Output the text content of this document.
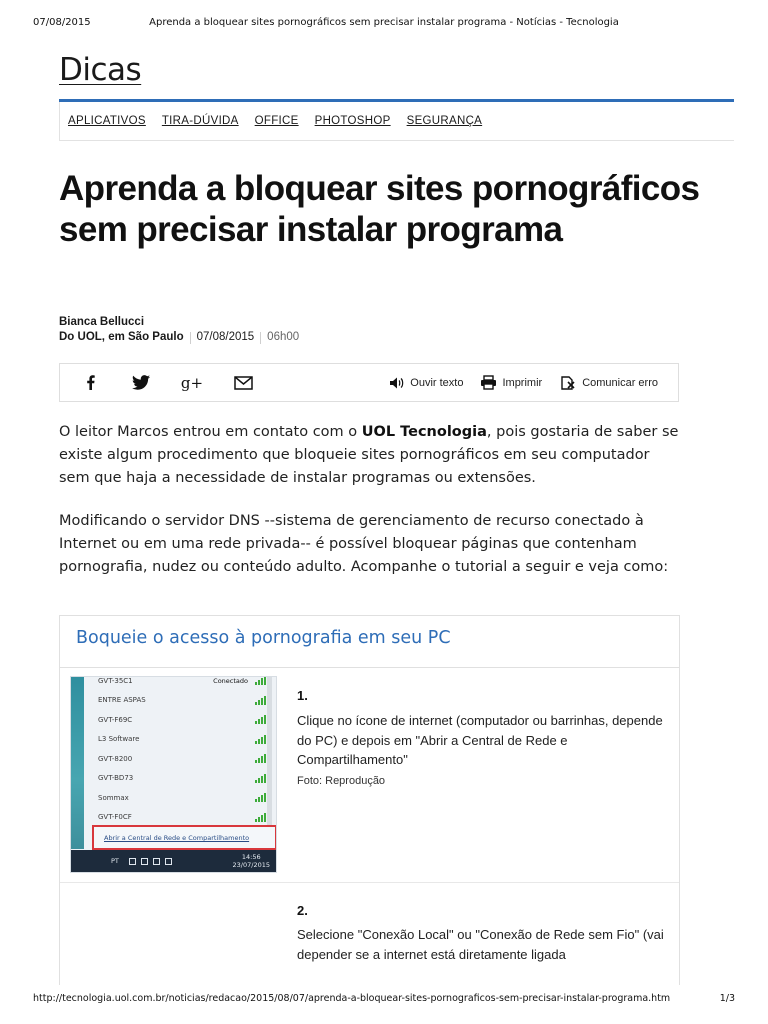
07/08/2015	Aprenda a bloquear sites pornográficos sem precisar instalar programa - Notícias - Tecnologia
Dicas
APLICATIVOS TIRA-DÚVIDA OFFICE PHOTOSHOP SEGURANÇA
Aprenda a bloquear sites pornográficos sem precisar instalar programa
Bianca Bellucci
Do UOL, em São Paulo 07/08/2015 06h00
g+	Ouvir texto	Imprimir	Comunicar erro

O leitor Marcos entrou em contato com o UOL Tecnologia, pois gostaria de saber se existe algum procedimento que bloqueie sites pornográficos em seu computador sem que haja a necessidade de instalar programas ou extensões.

Modificando o servidor DNS --sistema de gerenciamento de recurso conectado à Internet ou em uma rede privada-- é possível bloquear páginas que contenham pornografia, nudez ou conteúdo adulto. Acompanhe o tutorial a seguir e veja como:

Boqueie o acesso à pornografia em seu PC
GVT-35C1	Conectado
ENTRE ASPAS
GVT-F69C
L3 Software
GVT-8200
GVT-BD73
Sommax
GVT-F0CF
Abrir a Central de Rede e Compartilhamento
PT	14:56
23/07/2015
1.
Clique no ícone de internet (computador ou barrinhas, depende do PC) e depois em "Abrir a Central de Rede e Compartilhamento"
Foto: Reprodução
2.
Selecione "Conexão Local" ou "Conexão de Rede sem Fio" (vai depender se a internet está diretamente ligada
http://tecnologia.uol.com.br/noticias/redacao/2015/08/07/aprenda-a-bloquear-sites-pornograficos-sem-precisar-instalar-programa.htm	1/3
